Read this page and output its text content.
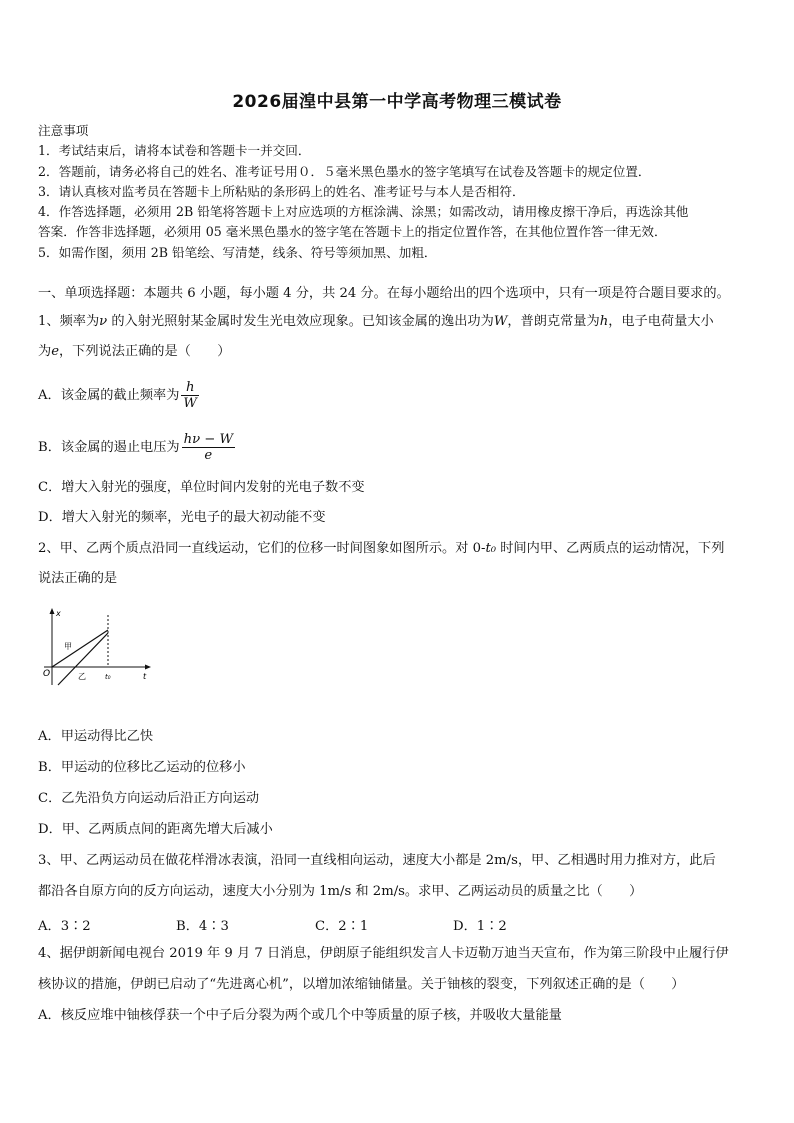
2026届湟中县第一中学高考物理三模试卷
注意事项
1．考试结束后，请将本试卷和答题卡一并交回．
2．答题前，请务必将自己的姓名、准考证号用０．５毫米黑色墨水的签字笔填写在试卷及答题卡的规定位置．
3．请认真核对监考员在答题卡上所粘贴的条形码上的姓名、准考证号与本人是否相符．
4．作答选择题，必须用 2B 铅笔将答题卡上对应选项的方框涂满、涂黑；如需改动，请用橡皮擦干净后，再选涂其他
答案．作答非选择题，必须用 05 毫米黑色墨水的签字笔在答题卡上的指定位置作答，在其他位置作答一律无效．
5．如需作图，须用 2B 铅笔绘、写清楚，线条、符号等须加黑、加粗．
一、单项选择题：本题共 6 小题，每小题 4 分，共 24 分。在每小题给出的四个选项中，只有一项是符合题目要求的。
1、频率为ν 的入射光照射某金属时发生光电效应现象。已知该金属的逸出功为W，普朗克常量为h，电子电荷量大小
为e，下列说法正确的是（　　）
A．该金属的截止频率为 $\frac{h}{W}$
B．该金属的遏止电压为 $\frac{h\nu - W}{e}$
C．增大入射光的强度，单位时间内发射的光电子数不变
D．增大入射光的频率，光电子的最大初动能不变
2、甲、乙两个质点沿同一直线运动，它们的位移一时间图象如图所示。对 0-t₀ 时间内甲、乙两质点的运动情况，下列
说法正确的是
x
t
O
甲
乙	t₀
A．甲运动得比乙快
B．甲运动的位移比乙运动的位移小
C．乙先沿负方向运动后沿正方向运动
D．甲、乙两质点间的距离先增大后减小
3、甲、乙两运动员在做花样滑冰表演，沿同一直线相向运动，速度大小都是 2m/s，甲、乙相遇时用力推对方，此后
都沿各自原方向的反方向运动，速度大小分别为 1m/s 和 2m/s。求甲、乙两运动员的质量之比（　　）
A．3∶2	B．4∶3	C．2∶1	D．1∶2
4、据伊朗新闻电视台 2019 年 9 月 7 日消息，伊朗原子能组织发言人卡迈勒万迪当天宣布，作为第三阶段中止履行伊
核协议的措施，伊朗已启动了“先进离心机”，以增加浓缩铀储量。关于铀核的裂变，下列叙述正确的是（　　）
A．核反应堆中铀核俘获一个中子后分裂为两个或几个中等质量的原子核，并吸收大量能量
